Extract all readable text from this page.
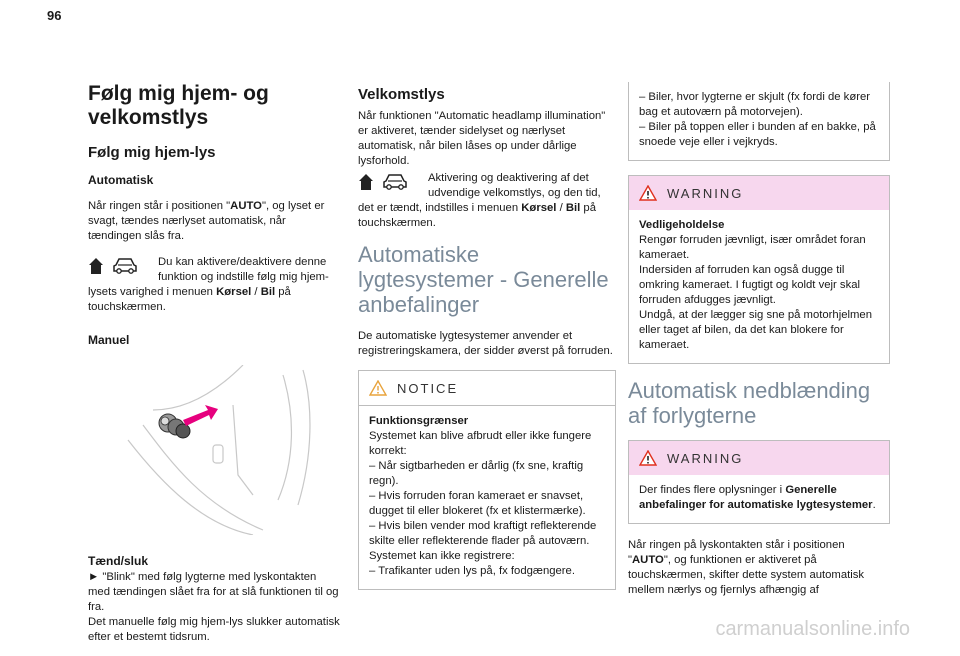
96
Følg mig hjem- og velkomstlys
Følg mig hjem-lys
Automatisk
Når ringen står i positionen "AUTO", og lyset er svagt, tændes nærlyset automatisk, når tændingen slås fra.
Du kan aktivere/deaktivere denne funktion og indstille følg mig hjem-lysets varighed i menuen Kørsel / Bil på touchskærmen.
Manuel
Tænd/sluk
► "Blink" med følg lygterne med lyskontakten med tændingen slået fra for at slå funktionen til og fra.
Det manuelle følg mig hjem-lys slukker automatisk efter et bestemt tidsrum.
Velkomstlys
Når funktionen "Automatic headlamp illumination" er aktiveret, tænder sidelyset og nærlyset automatisk, når bilen låses op under dårlige lysforhold.
Aktivering og deaktivering af det udvendige velkomstlys, og den tid, det er tændt, indstilles i menuen Kørsel / Bil på touchskærmen.
Automatiske lygtesystemer - Generelle anbefalinger
De automatiske lygtesystemer anvender et registreringskamera, der sidder øverst på forruden.
NOTICE
Funktionsgrænser
Systemet kan blive afbrudt eller ikke fungere korrekt:
– Når sigtbarheden er dårlig (fx sne, kraftig regn).
– Hvis forruden foran kameraet er snavset, dugget til eller blokeret (fx et klistermærke).
– Hvis bilen vender mod kraftigt reflekterende skilte eller reflekterende flader på autoværn.
Systemet kan ikke registrere:
– Trafikanter uden lys på, fx fodgængere.
– Biler, hvor lygterne er skjult (fx fordi de kører bag et autoværn på motorvejen).
– Biler på toppen eller i bunden af en bakke, på snoede veje eller i vejkryds.
WARNING
Vedligeholdelse
Rengør forruden jævnligt, især området foran kameraet.
Indersiden af forruden kan også dugge til omkring kameraet. I fugtigt og koldt vejr skal forruden afdugges jævnligt.
Undgå, at der lægger sig sne på motorhjelmen eller taget af bilen, da det kan blokere for kameraet.
Automatisk nedblænding af forlygterne
WARNING
Der findes flere oplysninger i Generelle anbefalinger for automatiske lygtesystemer.
Når ringen på lyskontakten står i positionen "AUTO", og funktionen er aktiveret på touchskærmen, skifter dette system automatisk mellem nærlys og fjernlys afhængig af
carmanualsonline.info
